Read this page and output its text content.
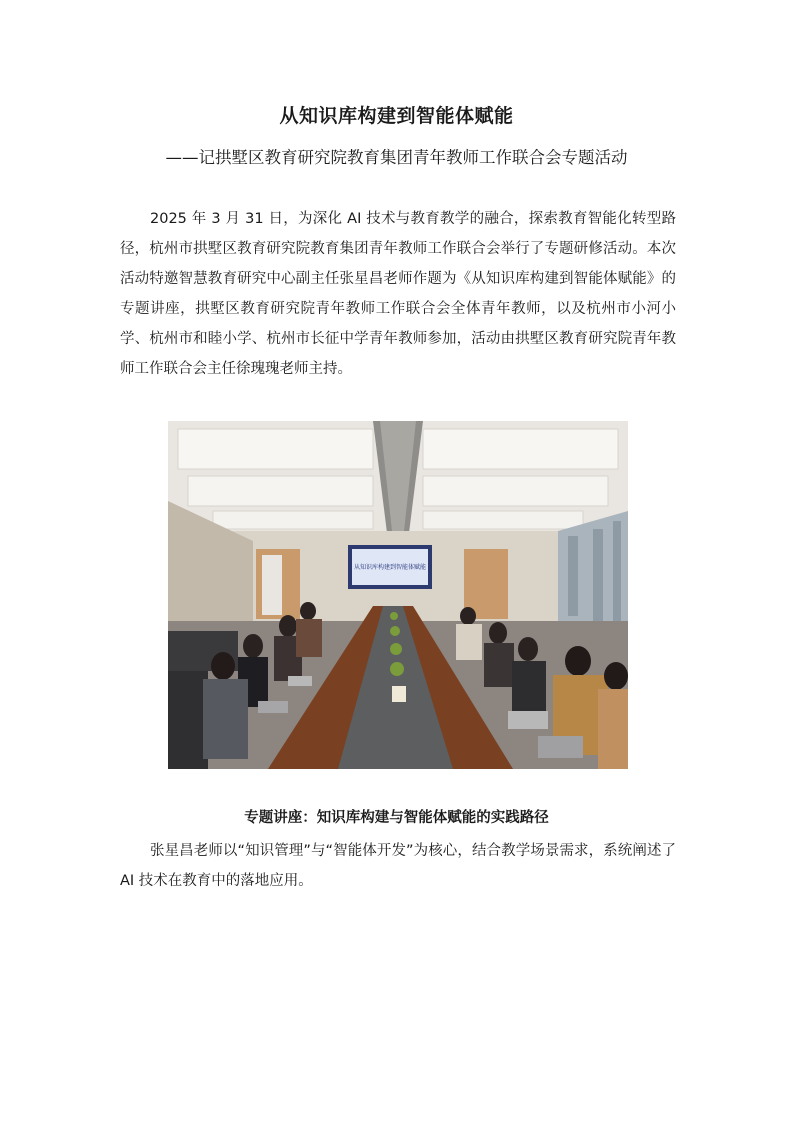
从知识库构建到智能体赋能
——记拱墅区教育研究院教育集团青年教师工作联合会专题活动

2025 年 3 月 31 日，为深化 AI 技术与教育教学的融合，探索教育智能化转型路径，杭州市拱墅区教育研究院教育集团青年教师工作联合会举行了专题研修活动。本次活动特邀智慧教育研究中心副主任张星昌老师作题为《从知识库构建到智能体赋能》的专题讲座，拱墅区教育研究院青年教师工作联合会全体青年教师，以及杭州市小河小学、杭州市和睦小学、杭州市长征中学青年教师参加，活动由拱墅区教育研究院青年教师工作联合会主任徐瑰瑰老师主持。

从知识库构建到智能体赋能
专题讲座：知识库构建与智能体赋能的实践路径

张星昌老师以“知识管理”与“智能体开发”为核心，结合教学场景需求，系统阐述了 AI 技术在教育中的落地应用。
